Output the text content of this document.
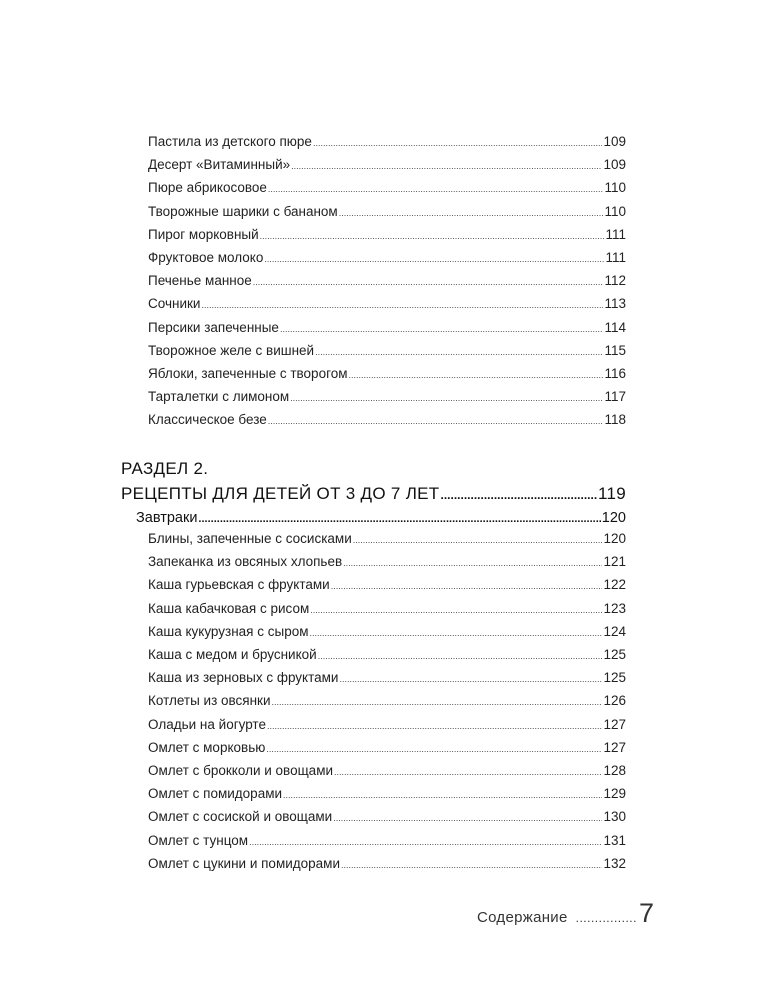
Пастила из детского пюре .....	109
Десерт «Витаминный» .....	109
Пюре абрикосовое .....	110
Творожные шарики с бананом .....	110
Пирог морковный .....	111
Фруктовое молоко .....	111
Печенье манное .....	112
Сочники .....	113
Персики запеченные .....	114
Творожное желе с вишней .....	115
Яблоки, запеченные с творогом .....	116
Тарталетки с лимоном .....	117
Классическое безе .....	118
РАЗДЕЛ 2.
РЕЦЕПТЫ ДЛЯ ДЕТЕЙ ОТ 3 ДО 7 ЛЕТ .....	119
Завтраки .....	120
Блины, запеченные с сосисками .....	120
Запеканка из овсяных хлопьев .....	121
Каша гурьевская с фруктами .....	122
Каша кабачковая с рисом .....	123
Каша кукурузная с сыром .....	124
Каша с медом и брусникой .....	125
Каша из зерновых с фруктами .....	125
Котлеты из овсянки .....	126
Оладьи на йогурте .....	127
Омлет с морковью .....	127
Омлет с брокколи и овощами .....	128
Омлет с помидорами .....	129
Омлет с сосиской и овощами .....	130
Омлет с тунцом .....	131
Омлет с цукини и помидорами .....	132
Содержание .....	7
